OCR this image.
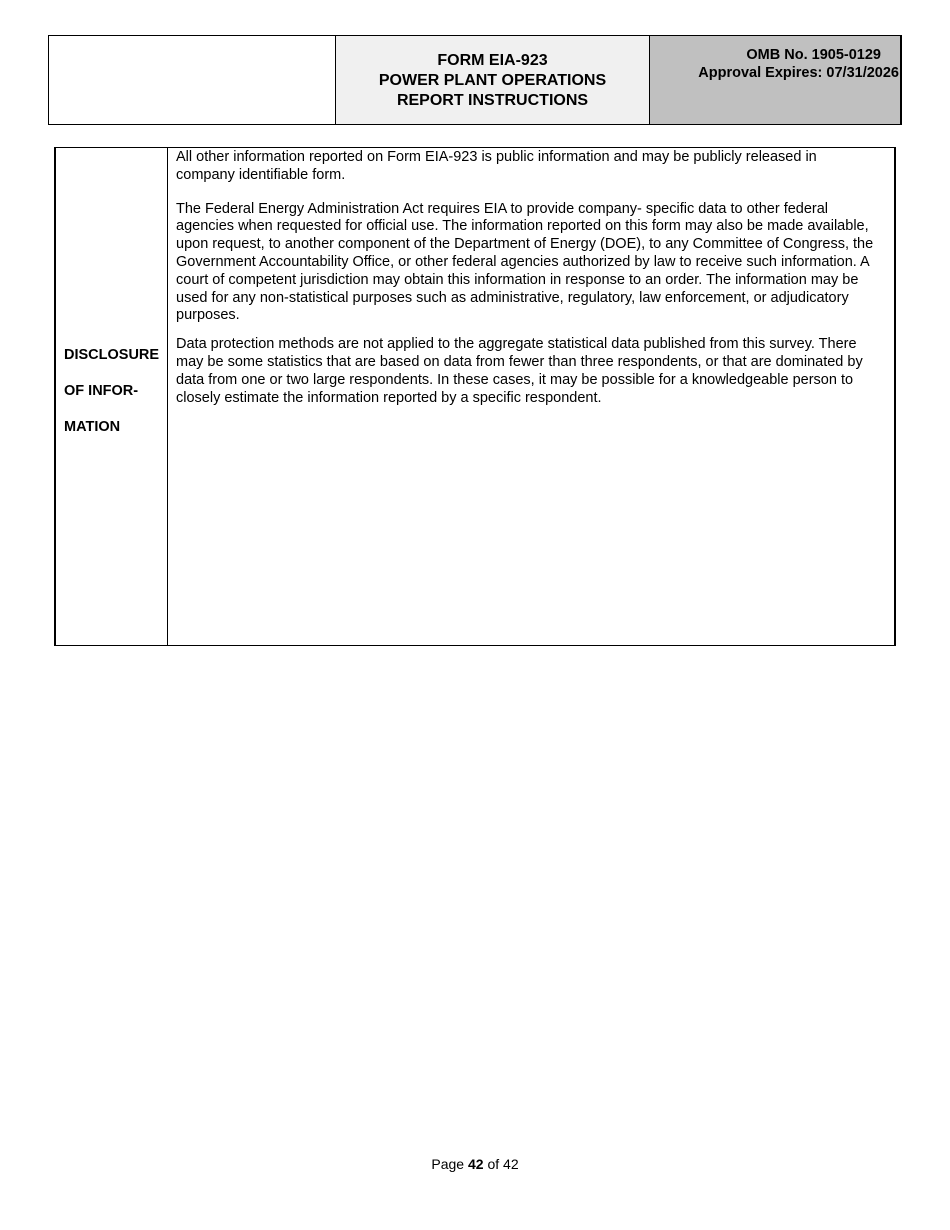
FORM EIA-923
POWER PLANT OPERATIONS
REPORT INSTRUCTIONS
OMB No. 1905-0129
Approval Expires: 07/31/2026
DISCLOSURE
OF INFOR-
MATION

All other information reported on Form EIA-923 is public information and may be publicly released in company identifiable form.

The Federal Energy Administration Act requires EIA to provide company- specific data to other federal agencies when requested for official use. The information reported on this form may also be made available, upon request, to another component of the Department of Energy (DOE), to any Committee of Congress, the Government Accountability Office, or other federal agencies authorized by law to receive such information. A court of competent jurisdiction may obtain this information in response to an order. The information may be used for any non-statistical purposes such as administrative, regulatory, law enforcement, or adjudicatory purposes.

Data protection methods are not applied to the aggregate statistical data published from this survey. There may be some statistics that are based on data from fewer than three respondents, or that are dominated by data from one or two large respondents. In these cases, it may be possible for a knowledgeable person to closely estimate the information reported by a specific respondent.

Page 42 of 42
